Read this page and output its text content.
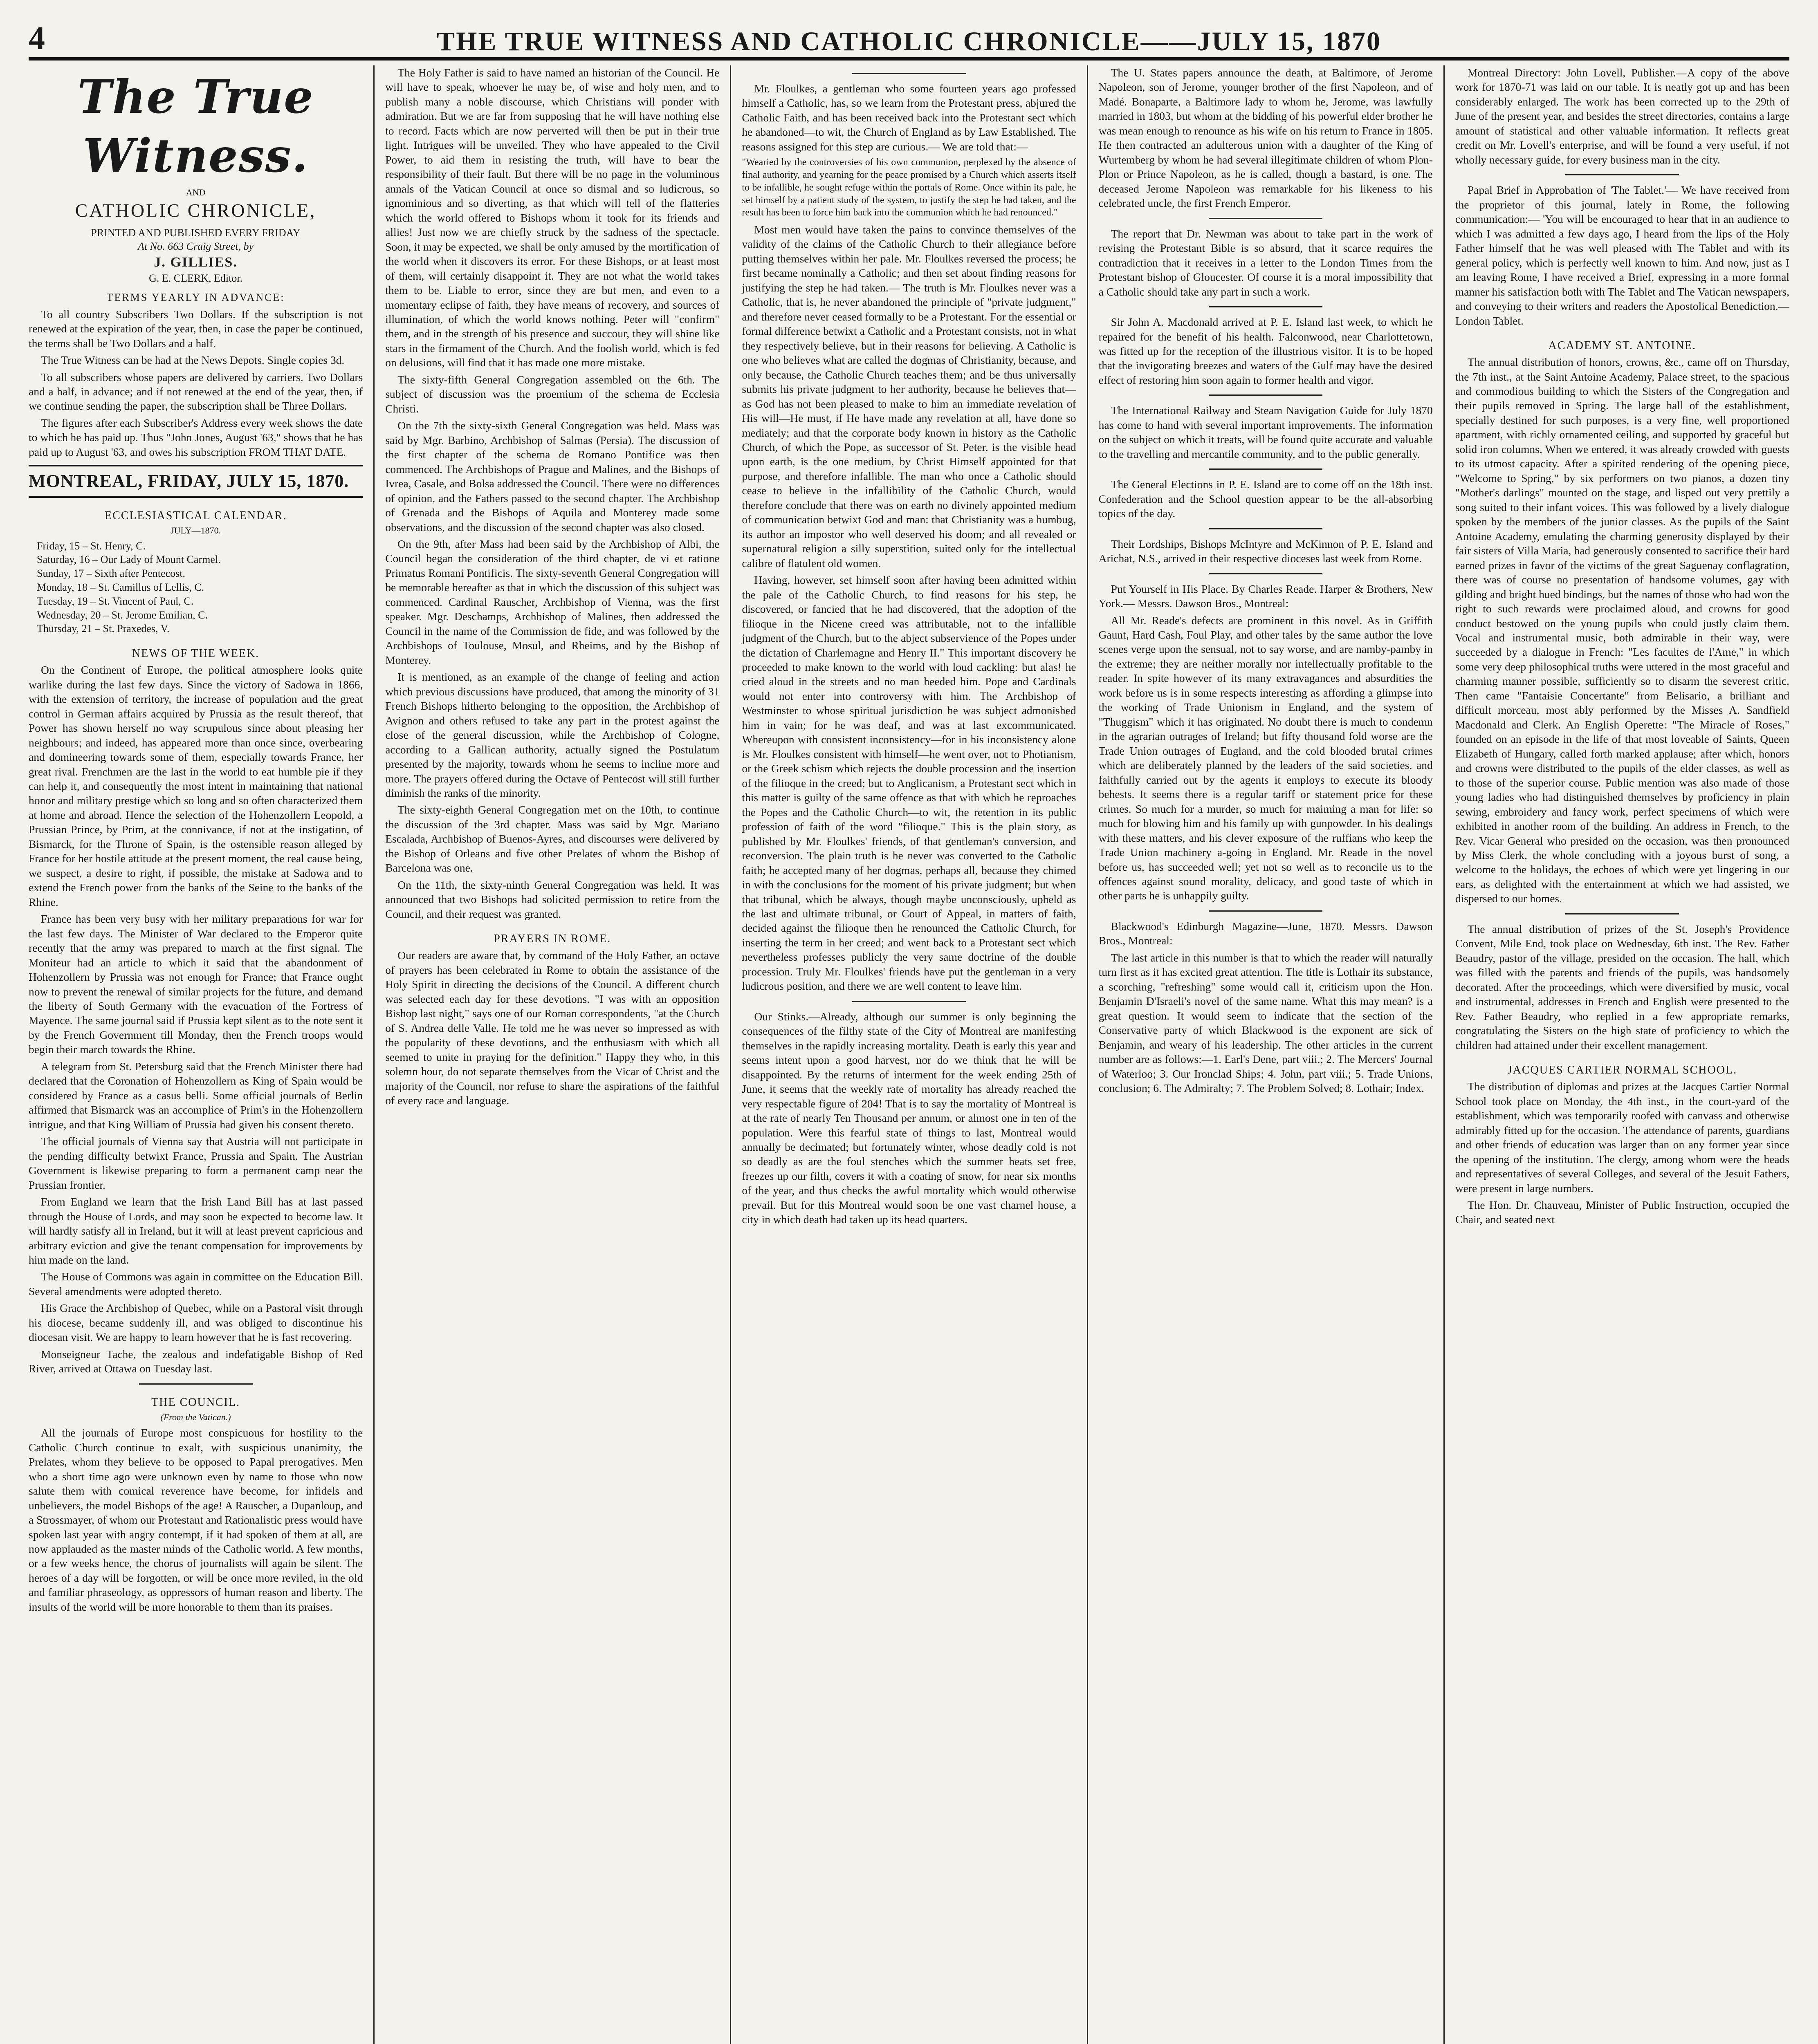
4	THE TRUE WITNESS AND CATHOLIC CHRONICLE——JULY 15, 1870
The True Witness.
AND
CATHOLIC CHRONICLE,
PRINTED AND PUBLISHED EVERY FRIDAY
At No. 663 Craig Street, by
J. GILLIES.
G. E. CLERK, Editor.
TERMS YEARLY IN ADVANCE:

To all country Subscribers Two Dollars. If the subscription is not renewed at the expiration of the year, then, in case the paper be continued, the terms shall be Two Dollars and a half.

The True Witness can be had at the News Depots. Single copies 3d.

To all subscribers whose papers are delivered by carriers, Two Dollars and a half, in advance; and if not renewed at the end of the year, then, if we continue sending the paper, the subscription shall be Three Dollars.

The figures after each Subscriber's Address every week shows the date to which he has paid up. Thus "John Jones, August '63," shows that he has paid up to August '63, and owes his subscription FROM THAT DATE.

MONTREAL, FRIDAY, JULY 15, 1870.
ECCLESIASTICAL CALENDAR.
JULY—1870.
Friday, 15 – St. Henry, C.
Saturday, 16 – Our Lady of Mount Carmel.
Sunday, 17 – Sixth after Pentecost.
Monday, 18 – St. Camillus of Lellis, C.
Tuesday, 19 – St. Vincent of Paul, C.
Wednesday, 20 – St. Jerome Emilian, C.
Thursday, 21 – St. Praxedes, V.
NEWS OF THE WEEK.

On the Continent of Europe, the political atmosphere looks quite warlike during the last few days. Since the victory of Sadowa in 1866, with the extension of territory, the increase of population and the great control in German affairs acquired by Prussia as the result thereof, that Power has shown herself no way scrupulous since about pleasing her neighbours; and indeed, has appeared more than once since, overbearing and domineering towards some of them, especially towards France, her great rival. Frenchmen are the last in the world to eat humble pie if they can help it, and consequently the most intent in maintaining that national honor and military prestige which so long and so often characterized them at home and abroad. Hence the selection of the Hohenzollern Leopold, a Prussian Prince, by Prim, at the connivance, if not at the instigation, of Bismarck, for the Throne of Spain, is the ostensible reason alleged by France for her hostile attitude at the present moment, the real cause being, we suspect, a desire to right, if possible, the mistake at Sadowa and to extend the French power from the banks of the Seine to the banks of the Rhine.

France has been very busy with her military preparations for war for the last few days. The Minister of War declared to the Emperor quite recently that the army was prepared to march at the first signal. The Moniteur had an article to which it said that the abandonment of Hohenzollern by Prussia was not enough for France; that France ought now to prevent the renewal of similar projects for the future, and demand the liberty of South Germany with the evacuation of the Fortress of Mayence. The same journal said if Prussia kept silent as to the note sent it by the French Government till Monday, then the French troops would begin their march towards the Rhine.

A telegram from St. Petersburg said that the French Minister there had declared that the Coronation of Hohenzollern as King of Spain would be considered by France as a casus belli. Some official journals of Berlin affirmed that Bismarck was an accomplice of Prim's in the Hohenzollern intrigue, and that King William of Prussia had given his consent thereto.

The official journals of Vienna say that Austria will not participate in the pending difficulty betwixt France, Prussia and Spain. The Austrian Government is likewise preparing to form a permanent camp near the Prussian frontier.

From England we learn that the Irish Land Bill has at last passed through the House of Lords, and may soon be expected to become law. It will hardly satisfy all in Ireland, but it will at least prevent capricious and arbitrary eviction and give the tenant compensation for improvements by him made on the land.

The House of Commons was again in committee on the Education Bill. Several amendments were adopted thereto.

His Grace the Archbishop of Quebec, while on a Pastoral visit through his diocese, became suddenly ill, and was obliged to discontinue his diocesan visit. We are happy to learn however that he is fast recovering.

Monseigneur Tache, the zealous and indefatigable Bishop of Red River, arrived at Ottawa on Tuesday last.

THE COUNCIL.
(From the Vatican.)

All the journals of Europe most conspicuous for hostility to the Catholic Church continue to exalt, with suspicious unanimity, the Prelates, whom they believe to be opposed to Papal prerogatives. Men who a short time ago were unknown even by name to those who now salute them with comical reverence have become, for infidels and unbelievers, the model Bishops of the age! A Rauscher, a Dupanloup, and a Strossmayer, of whom our Protestant and Rationalistic press would have spoken last year with angry contempt, if it had spoken of them at all, are now applauded as the master minds of the Catholic world. A few months, or a few weeks hence, the chorus of journalists will again be silent. The heroes of a day will be forgotten, or will be once more reviled, in the old and familiar phraseology, as oppressors of human reason and liberty. The insults of the world will be more honorable to them than its praises.

The Holy Father is said to have named an historian of the Council. He will have to speak, whoever he may be, of wise and holy men, and to publish many a noble discourse, which Christians will ponder with admiration. But we are far from supposing that he will have nothing else to record. Facts which are now perverted will then be put in their true light. Intrigues will be unveiled. They who have appealed to the Civil Power, to aid them in resisting the truth, will have to bear the responsibility of their fault. But there will be no page in the voluminous annals of the Vatican Council at once so dismal and so ludicrous, so ignominious and so diverting, as that which will tell of the flatteries which the world offered to Bishops whom it took for its friends and allies! Just now we are chiefly struck by the sadness of the spectacle. Soon, it may be expected, we shall be only amused by the mortification of the world when it discovers its error. For these Bishops, or at least most of them, will certainly disappoint it. They are not what the world takes them to be. Liable to error, since they are but men, and even to a momentary eclipse of faith, they have means of recovery, and sources of illumination, of which the world knows nothing. Peter will "confirm" them, and in the strength of his presence and succour, they will shine like stars in the firmament of the Church. And the foolish world, which is fed on delusions, will find that it has made one more mistake.

The sixty-fifth General Congregation assembled on the 6th. The subject of discussion was the proemium of the schema de Ecclesia Christi.

On the 7th the sixty-sixth General Congregation was held. Mass was said by Mgr. Barbino, Archbishop of Salmas (Persia). The discussion of the first chapter of the schema de Romano Pontifice was then commenced. The Archbishops of Prague and Malines, and the Bishops of Ivrea, Casale, and Bolsa addressed the Council. There were no differences of opinion, and the Fathers passed to the second chapter. The Archbishop of Grenada and the Bishops of Aquila and Monterey made some observations, and the discussion of the second chapter was also closed.

On the 9th, after Mass had been said by the Archbishop of Albi, the Council began the consideration of the third chapter, de vi et ratione Primatus Romani Pontificis. The sixty-seventh General Congregation will be memorable hereafter as that in which the discussion of this subject was commenced. Cardinal Rauscher, Archbishop of Vienna, was the first speaker. Mgr. Deschamps, Archbishop of Malines, then addressed the Council in the name of the Commission de fide, and was followed by the Archbishops of Toulouse, Mosul, and Rheims, and by the Bishop of Monterey.

It is mentioned, as an example of the change of feeling and action which previous discussions have produced, that among the minority of 31 French Bishops hitherto belonging to the opposition, the Archbishop of Avignon and others refused to take any part in the protest against the close of the general discussion, while the Archbishop of Cologne, according to a Gallican authority, actually signed the Postulatum presented by the majority, towards whom he seems to incline more and more. The prayers offered during the Octave of Pentecost will still further diminish the ranks of the minority.

The sixty-eighth General Congregation met on the 10th, to continue the discussion of the 3rd chapter. Mass was said by Mgr. Mariano Escalada, Archbishop of Buenos-Ayres, and discourses were delivered by the Bishop of Orleans and five other Prelates of whom the Bishop of Barcelona was one.

On the 11th, the sixty-ninth General Congregation was held. It was announced that two Bishops had solicited permission to retire from the Council, and their request was granted.

PRAYERS IN ROME.

Our readers are aware that, by command of the Holy Father, an octave of prayers has been celebrated in Rome to obtain the assistance of the Holy Spirit in directing the decisions of the Council. A different church was selected each day for these devotions. "I was with an opposition Bishop last night," says one of our Roman correspondents, "at the Church of S. Andrea delle Valle. He told me he was never so impressed as with the popularity of these devotions, and the enthusiasm with which all seemed to unite in praying for the definition." Happy they who, in this solemn hour, do not separate themselves from the Vicar of Christ and the majority of the Council, nor refuse to share the aspirations of the faithful of every race and language.

Mr. Floulkes, a gentleman who some fourteen years ago professed himself a Catholic, has, so we learn from the Protestant press, abjured the Catholic Faith, and has been received back into the Protestant sect which he abandoned—to wit, the Church of England as by Law Established. The reasons assigned for this step are curious.— We are told that:—

"Wearied by the controversies of his own communion, perplexed by the absence of final authority, and yearning for the peace promised by a Church which asserts itself to be infallible, he sought refuge within the portals of Rome. Once within its pale, he set himself by a patient study of the system, to justify the step he had taken, and the result has been to force him back into the communion which he had renounced."

Most men would have taken the pains to convince themselves of the validity of the claims of the Catholic Church to their allegiance before putting themselves within her pale. Mr. Floulkes reversed the process; he first became nominally a Catholic; and then set about finding reasons for justifying the step he had taken.— The truth is Mr. Floulkes never was a Catholic, that is, he never abandoned the principle of "private judgment," and therefore never ceased formally to be a Protestant. For the essential or formal difference betwixt a Catholic and a Protestant consists, not in what they respectively believe, but in their reasons for believing. A Catholic is one who believes what are called the dogmas of Christianity, because, and only because, the Catholic Church teaches them; and be thus universally submits his private judgment to her authority, because he believes that—as God has not been pleased to make to him an immediate revelation of His will—He must, if He have made any revelation at all, have done so mediately; and that the corporate body known in history as the Catholic Church, of which the Pope, as successor of St. Peter, is the visible head upon earth, is the one medium, by Christ Himself appointed for that purpose, and therefore infallible. The man who once a Catholic should cease to believe in the infallibility of the Catholic Church, would therefore conclude that there was on earth no divinely appointed medium of communication betwixt God and man: that Christianity was a humbug, its author an impostor who well deserved his doom; and all revealed or supernatural religion a silly superstition, suited only for the intellectual calibre of flatulent old women.

Having, however, set himself soon after having been admitted within the pale of the Catholic Church, to find reasons for his step, he discovered, or fancied that he had discovered, that the adoption of the filioque in the Nicene creed was attributable, not to the infallible judgment of the Church, but to the abject subservience of the Popes under the dictation of Charlemagne and Henry II." This important discovery he proceeded to make known to the world with loud cackling: but alas! he cried aloud in the streets and no man heeded him. Pope and Cardinals would not enter into controversy with him. The Archbishop of Westminster to whose spiritual jurisdiction he was subject admonished him in vain; for he was deaf, and was at last excommunicated. Whereupon with consistent inconsistency—for in his inconsistency alone is Mr. Floulkes consistent with himself—he went over, not to Photianism, or the Greek schism which rejects the double procession and the insertion of the filioque in the creed; but to Anglicanism, a Protestant sect which in this matter is guilty of the same offence as that with which he reproaches the Popes and the Catholic Church—to wit, the retention in its public profession of faith of the word "filioque." This is the plain story, as published by Mr. Floulkes' friends, of that gentleman's conversion, and reconversion. The plain truth is he never was converted to the Catholic faith; he accepted many of her dogmas, perhaps all, because they chimed in with the conclusions for the moment of his private judgment; but when that tribunal, which be always, though maybe unconsciously, upheld as the last and ultimate tribunal, or Court of Appeal, in matters of faith, decided against the filioque then he renounced the Catholic Church, for inserting the term in her creed; and went back to a Protestant sect which nevertheless professes publicly the very same doctrine of the double procession. Truly Mr. Floulkes' friends have put the gentleman in a very ludicrous position, and there we are well content to leave him.

Our Stinks.—Already, although our summer is only beginning the consequences of the filthy state of the City of Montreal are manifesting themselves in the rapidly increasing mortality. Death is early this year and seems intent upon a good harvest, nor do we think that he will be disappointed. By the returns of interment for the week ending 25th of June, it seems that the weekly rate of mortality has already reached the very respectable figure of 204! That is to say the mortality of Montreal is at the rate of nearly Ten Thousand per annum, or almost one in ten of the population. Were this fearful state of things to last, Montreal would annually be decimated; but fortunately winter, whose deadly cold is not so deadly as are the foul stenches which the summer heats set free, freezes up our filth, covers it with a coating of snow, for near six months of the year, and thus checks the awful mortality which would otherwise prevail. But for this Montreal would soon be one vast charnel house, a city in which death had taken up its head quarters.

The U. States papers announce the death, at Baltimore, of Jerome Napoleon, son of Jerome, younger brother of the first Napoleon, and of Madé. Bonaparte, a Baltimore lady to whom he, Jerome, was lawfully married in 1803, but whom at the bidding of his powerful elder brother he was mean enough to renounce as his wife on his return to France in 1805. He then contracted an adulterous union with a daughter of the King of Wurtemberg by whom he had several illegitimate children of whom Plon-Plon or Prince Napoleon, as he is called, though a bastard, is one. The deceased Jerome Napoleon was remarkable for his likeness to his celebrated uncle, the first French Emperor.

The report that Dr. Newman was about to take part in the work of revising the Protestant Bible is so absurd, that it scarce requires the contradiction that it receives in a letter to the London Times from the Protestant bishop of Gloucester. Of course it is a moral impossibility that a Catholic should take any part in such a work.

Sir John A. Macdonald arrived at P. E. Island last week, to which he repaired for the benefit of his health. Falconwood, near Charlottetown, was fitted up for the reception of the illustrious visitor. It is to be hoped that the invigorating breezes and waters of the Gulf may have the desired effect of restoring him soon again to former health and vigor.

The International Railway and Steam Navigation Guide for July 1870 has come to hand with several important improvements. The information on the subject on which it treats, will be found quite accurate and valuable to the travelling and mercantile community, and to the public generally.

The General Elections in P. E. Island are to come off on the 18th inst. Confederation and the School question appear to be the all-absorbing topics of the day.

Their Lordships, Bishops McIntyre and McKinnon of P. E. Island and Arichat, N.S., arrived in their respective dioceses last week from Rome.

Put Yourself in His Place. By Charles Reade. Harper & Brothers, New York.— Messrs. Dawson Bros., Montreal:

All Mr. Reade's defects are prominent in this novel. As in Griffith Gaunt, Hard Cash, Foul Play, and other tales by the same author the love scenes verge upon the sensual, not to say worse, and are namby-pamby in the extreme; they are neither morally nor intellectually profitable to the reader. In spite however of its many extravagances and absurdities the work before us is in some respects interesting as affording a glimpse into the working of Trade Unionism in England, and the system of "Thuggism" which it has originated. No doubt there is much to condemn in the agrarian outrages of Ireland; but fifty thousand fold worse are the Trade Union outrages of England, and the cold blooded brutal crimes which are deliberately planned by the leaders of the said societies, and faithfully carried out by the agents it employs to execute its bloody behests. It seems there is a regular tariff or statement price for these crimes. So much for a murder, so much for maiming a man for life: so much for blowing him and his family up with gunpowder. In his dealings with these matters, and his clever exposure of the ruffians who keep the Trade Union machinery a-going in England. Mr. Reade in the novel before us, has succeeded well; yet not so well as to reconcile us to the offences against sound morality, delicacy, and good taste of which in other parts he is unhappily guilty.

Blackwood's Edinburgh Magazine—June, 1870. Messrs. Dawson Bros., Montreal:

The last article in this number is that to which the reader will naturally turn first as it has excited great attention. The title is Lothair its substance, a scorching, "refreshing" some would call it, criticism upon the Hon. Benjamin D'Israeli's novel of the same name. What this may mean? is a great question. It would seem to indicate that the section of the Conservative party of which Blackwood is the exponent are sick of Benjamin, and weary of his leadership. The other articles in the current number are as follows:—1. Earl's Dene, part viii.; 2. The Mercers' Journal of Waterloo; 3. Our Ironclad Ships; 4. John, part viii.; 5. Trade Unions, conclusion; 6. The Admiralty; 7. The Problem Solved; 8. Lothair; Index.

Montreal Directory: John Lovell, Publisher.—A copy of the above work for 1870-71 was laid on our table. It is neatly got up and has been considerably enlarged. The work has been corrected up to the 29th of June of the present year, and besides the street directories, contains a large amount of statistical and other valuable information. It reflects great credit on Mr. Lovell's enterprise, and will be found a very useful, if not wholly necessary guide, for every business man in the city.

Papal Brief in Approbation of 'The Tablet.'— We have received from the proprietor of this journal, lately in Rome, the following communication:— 'You will be encouraged to hear that in an audience to which I was admitted a few days ago, I heard from the lips of the Holy Father himself that he was well pleased with The Tablet and with its general policy, which is perfectly well known to him. And now, just as I am leaving Rome, I have received a Brief, expressing in a more formal manner his satisfaction both with The Tablet and The Vatican newspapers, and conveying to their writers and readers the Apostolical Benediction.—London Tablet.

ACADEMY ST. ANTOINE.

The annual distribution of honors, crowns, &c., came off on Thursday, the 7th inst., at the Saint Antoine Academy, Palace street, to the spacious and commodious building to which the Sisters of the Congregation and their pupils removed in Spring. The large hall of the establishment, specially destined for such purposes, is a very fine, well proportioned apartment, with richly ornamented ceiling, and supported by graceful but solid iron columns. When we entered, it was already crowded with guests to its utmost capacity. After a spirited rendering of the opening piece, "Welcome to Spring," by six performers on two pianos, a dozen tiny "Mother's darlings" mounted on the stage, and lisped out very prettily a song suited to their infant voices. This was followed by a lively dialogue spoken by the members of the junior classes. As the pupils of the Saint Antoine Academy, emulating the charming generosity displayed by their fair sisters of Villa Maria, had generously consented to sacrifice their hard earned prizes in favor of the victims of the great Saguenay conflagration, there was of course no presentation of handsome volumes, gay with gilding and bright hued bindings, but the names of those who had won the right to such rewards were proclaimed aloud, and crowns for good conduct bestowed on the young pupils who could justly claim them. Vocal and instrumental music, both admirable in their way, were succeeded by a dialogue in French: "Les facultes de l'Ame," in which some very deep philosophical truths were uttered in the most graceful and charming manner possible, sufficiently so to disarm the severest critic. Then came "Fantaisie Concertante" from Belisario, a brilliant and difficult morceau, most ably performed by the Misses A. Sandfield Macdonald and Clerk. An English Operette: "The Miracle of Roses," founded on an episode in the life of that most loveable of Saints, Queen Elizabeth of Hungary, called forth marked applause; after which, honors and crowns were distributed to the pupils of the elder classes, as well as to those of the superior course. Public mention was also made of those young ladies who had distinguished themselves by proficiency in plain sewing, embroidery and fancy work, perfect specimens of which were exhibited in another room of the building. An address in French, to the Rev. Vicar General who presided on the occasion, was then pronounced by Miss Clerk, the whole concluding with a joyous burst of song, a welcome to the holidays, the echoes of which were yet lingering in our ears, as delighted with the entertainment at which we had assisted, we dispersed to our homes.

The annual distribution of prizes of the St. Joseph's Providence Convent, Mile End, took place on Wednesday, 6th inst. The Rev. Father Beaudry, pastor of the village, presided on the occasion. The hall, which was filled with the parents and friends of the pupils, was handsomely decorated. After the proceedings, which were diversified by music, vocal and instrumental, addresses in French and English were presented to the Rev. Father Beaudry, who replied in a few appropriate remarks, congratulating the Sisters on the high state of proficiency to which the children had attained under their excellent management.

JACQUES CARTIER NORMAL SCHOOL.

The distribution of diplomas and prizes at the Jacques Cartier Normal School took place on Monday, the 4th inst., in the court-yard of the establishment, which was temporarily roofed with canvass and otherwise admirably fitted up for the occasion. The attendance of parents, guardians and other friends of education was larger than on any former year since the opening of the institution. The clergy, among whom were the heads and representatives of several Colleges, and several of the Jesuit Fathers, were present in large numbers.

The Hon. Dr. Chauveau, Minister of Public Instruction, occupied the Chair, and seated next
